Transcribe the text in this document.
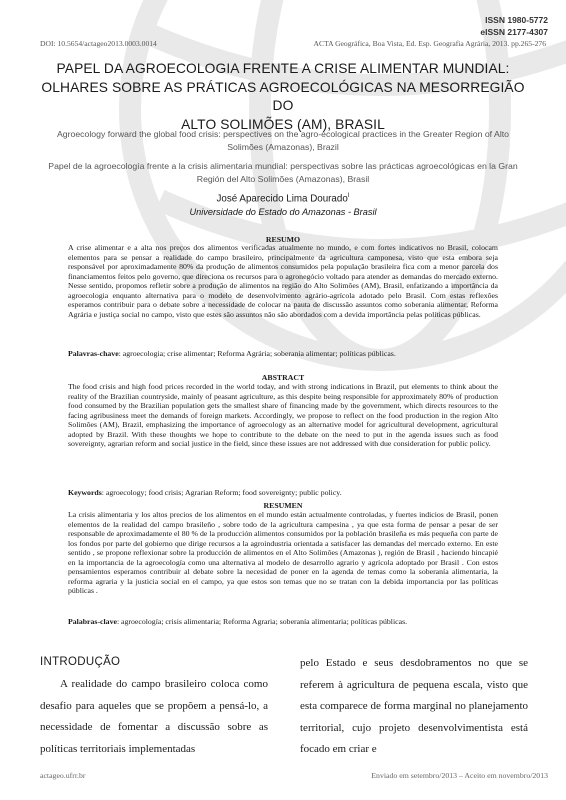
ISSN 1980-5772
eISSN 2177-4307
DOI: 10.5654/actageo2013.0003.0014	ACTA Geográfica, Boa Vista, Ed. Esp. Geografia Agrária, 2013. pp.265-276
PAPEL DA AGROECOLOGIA FRENTE A CRISE ALIMENTAR MUNDIAL:
OLHARES SOBRE AS PRÁTICAS AGROECOLÓGICAS NA MESORREGIÃO DO
ALTO SOLIMÕES (AM), BRASIL
Agroecology forward the global food crisis: perspectives on the agro-ecological practices in the Greater Region of Alto Solimões (Amazonas), Brazil
Papel de la agroecología frente a la crisis alimentaria mundial: perspectivas sobre las prácticas agroecológicas en la Gran Región del Alto Solimões (Amazonas), Brasil
José Aparecido Lima Dourado$^I$
Universidade do Estado do Amazonas - Brasil
RESUMO
A crise alimentar e a alta nos preços dos alimentos verificadas atualmente no mundo, e com fortes indicativos no Brasil, colocam elementos para se pensar a realidade do campo brasileiro, principalmente da agricultura camponesa, visto que esta embora seja responsável por aproximadamente 80% da produção de alimentos consumidos pela população brasileira fica com a menor parcela dos financiamentos feitos pelo governo, que direciona os recursos para o agronegócio voltado para atender as demandas do mercado externo. Nesse sentido, propomos refletir sobre a produção de alimentos na região do Alto Solimões (AM), Brasil, enfatizando a importância da agroecologia enquanto alternativa para o modelo de desenvolvimento agrário-agrícola adotado pelo Brasil. Com estas reflexões esperamos contribuir para o debate sobre a necessidade de colocar na pauta de discussão assuntos como soberania alimentar, Reforma Agrária e justiça social no campo, visto que estes são assuntos não são abordados com a devida importância pelas políticas públicas.
Palavras-chave: agroecologia; crise alimentar; Reforma Agrária; soberania alimentar; políticas públicas.
ABSTRACT
The food crisis and high food prices recorded in the world today, and with strong indications in Brazil, put elements to think about the reality of the Brazilian countryside, mainly of peasant agriculture, as this despite being responsible for approximately 80% of production food consumed by the Brazilian population gets the smallest share of financing made by the government, which directs resources to the facing agribusiness meet the demands of foreign markets. Accordingly, we propose to reflect on the food production in the region Alto Solimões (AM), Brazil, emphasizing the importance of agroecology as an alternative model for agricultural development, agricultural adopted by Brazil. With these thoughts we hope to contribute to the debate on the need to put in the agenda issues such as food sovereignty, agrarian reform and social justice in the field, since these issues are not addressed with due consideration for public policy.
Keywords: agroecology; food crisis; Agrarian Reform; food sovereignty; public policy.
RESUMEN
La crisis alimentaria y los altos precios de los alimentos en el mundo están actualmente controladas, y fuertes indicios de Brasil, ponen elementos de la realidad del campo brasileño , sobre todo de la agricultura campesina , ya que esta forma de pensar a pesar de ser responsable de aproximadamente el 80 % de la producción alimentos consumidos por la población brasileña es más pequeña con parte de los fondos por parte del gobierno que dirige recursos a la agroindustria orientada a satisfacer las demandas del mercado externo. En este sentido , se propone reflexionar sobre la producción de alimentos en el Alto Solimões (Amazonas ), región de Brasil , haciendo hincapié en la importancia de la agroecología como una alternativa al modelo de desarrollo agrario y agrícola adoptado por Brasil . Con estos pensamientos esperamos contribuir al debate sobre la necesidad de poner en la agenda de temas como la soberanía alimentaria, la reforma agraria y la justicia social en el campo, ya que estos son temas que no se tratan con la debida importancia por las políticas públicas .
Palabras-clave: agroecología; crisis alimentaria; Reforma Agraria; soberanía alimentaria; políticas públicas.
INTRODUÇÃO
A realidade do campo brasileiro coloca como desafio para aqueles que se propõem a pensá-lo, a necessidade de fomentar a discussão sobre as políticas territoriais implementadas
pelo Estado e seus desdobramentos no que se referem à agricultura de pequena escala, visto que esta comparece de forma marginal no planejamento territorial, cujo projeto desenvolvimentista está focado em criar e
actageo.ufrr.br	Enviado em setembro/2013 – Aceito em novembro/2013
